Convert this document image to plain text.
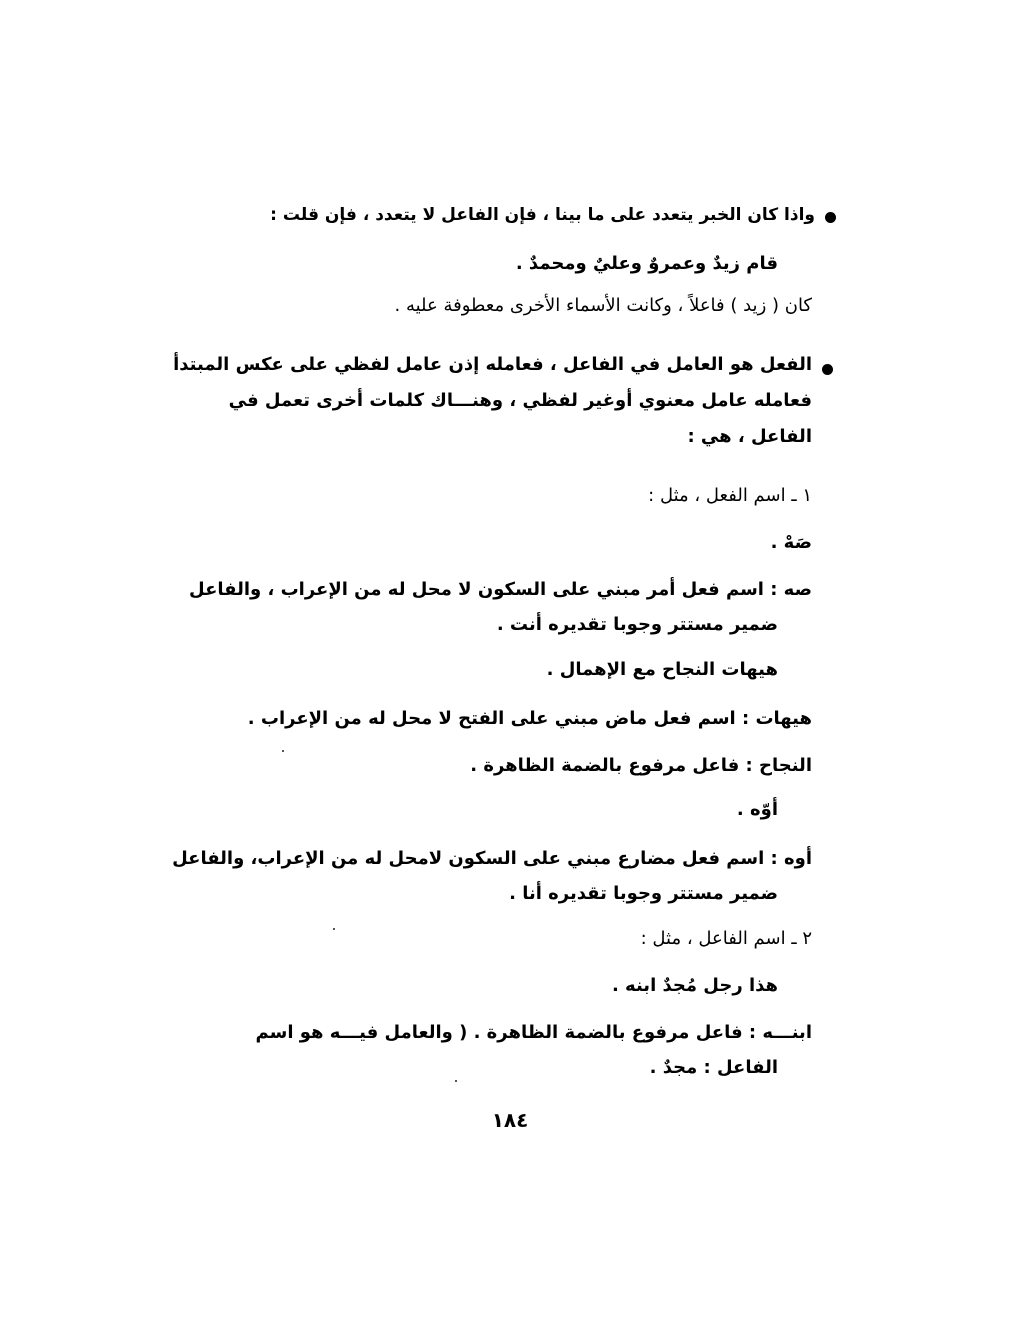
واذا كان الخبر يتعدد على ما بينا ، فإن الفاعل لا يتعدد ، فإن قلت :
قام زيدٌ وعمروٌ وعليٌ ومحمدٌ .
كان ( زيد ) فاعلاً ، وكانت الأسماء الأخرى معطوفة عليه .
الفعل هو العامل في الفاعل ، فعامله إذن عامل لفظي على عكس المبتدأ
فعامله عامل معنوي أوغير لفظي ، وهنـــاك كلمات أخرى تعمل في
الفاعل ، هي :
١ ـ اسم الفعل ، مثل :
صَهْ .
صه : اسم فعل أمر مبني على السكون لا محل له من الإعراب ، والفاعل
ضمير مستتر وجوبا تقديره أنت .
هيهات النجاح مع الإهمال .
هيهات : اسم فعل ماض مبني على الفتح لا محل له من الإعراب .
النجاح : فاعل مرفوع بالضمة الظاهرة .
أوّه .
أوه : اسم فعل مضارع مبني على السكون لامحل له من الإعراب، والفاعل
ضمير مستتر وجوبا تقديره أنا .
٢ ـ اسم الفاعل ، مثل :
هذا رجل مُجدٌ ابنه .
ابنـــه : فاعل مرفوع بالضمة الظاهرة . ( والعامل فيـــه هو اسم
الفاعل : مجدٌ .
١٨٤
